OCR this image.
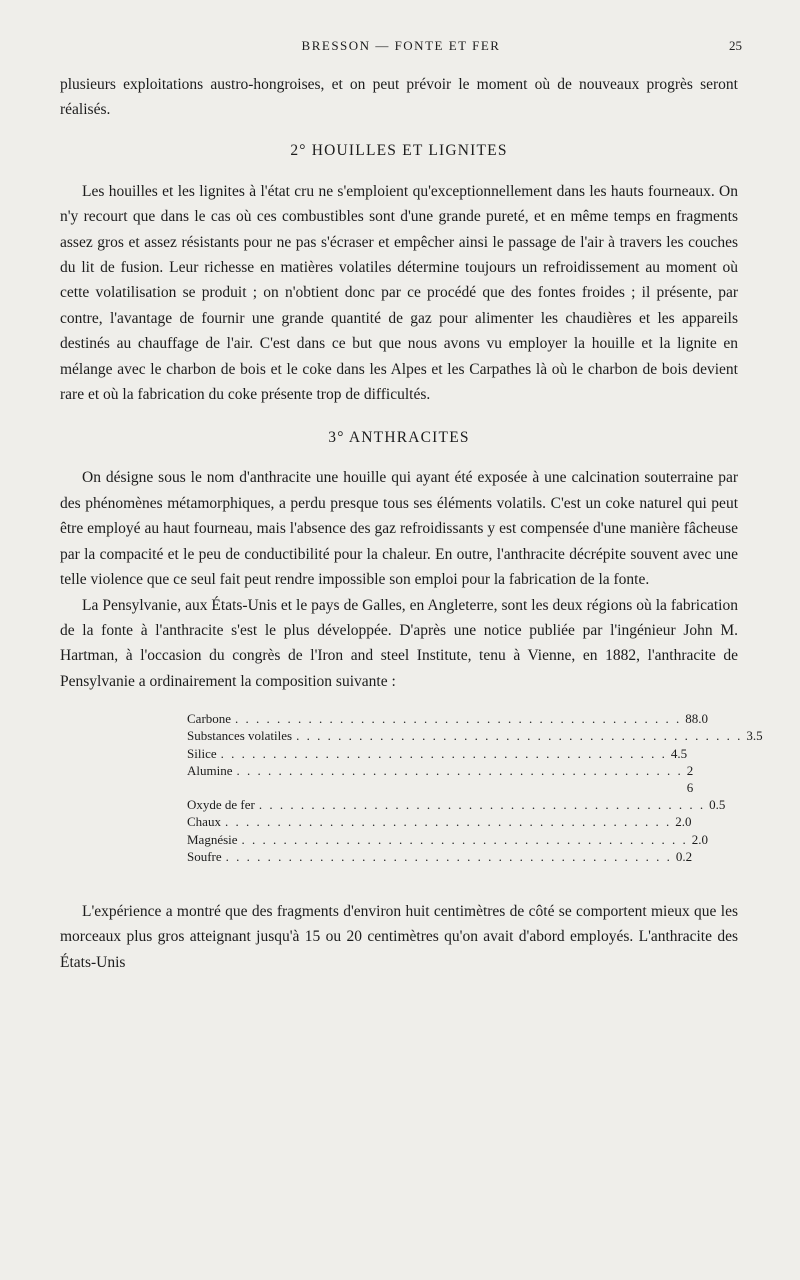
BRESSON — FONTE ET FER	25

plusieurs exploitations austro-hongroises, et on peut prévoir le moment où de nouveaux progrès seront réalisés.

2° HOUILLES ET LIGNITES

Les houilles et les lignites à l'état cru ne s'emploient qu'exceptionnellement dans les hauts fourneaux. On n'y recourt que dans le cas où ces combustibles sont d'une grande pureté, et en même temps en fragments assez gros et assez résistants pour ne pas s'écraser et empêcher ainsi le passage de l'air à travers les couches du lit de fusion. Leur richesse en matières volatiles détermine toujours un refroidissement au moment où cette volatilisation se produit ; on n'obtient donc par ce procédé que des fontes froides ; il présente, par contre, l'avantage de fournir une grande quantité de gaz pour alimenter les chaudières et les appareils destinés au chauffage de l'air. C'est dans ce but que nous avons vu employer la houille et la lignite en mélange avec le charbon de bois et le coke dans les Alpes et les Carpathes là où le charbon de bois devient rare et où la fabrication du coke présente trop de difficultés.

3° ANTHRACITES

On désigne sous le nom d'anthracite une houille qui ayant été exposée à une calcination souterraine par des phénomènes métamorphiques, a perdu presque tous ses éléments volatils. C'est un coke naturel qui peut être employé au haut fourneau, mais l'absence des gaz refroidissants y est compensée d'une manière fâcheuse par la compacité et le peu de conductibilité pour la chaleur. En outre, l'anthracite décrépite souvent avec une telle violence que ce seul fait peut rendre impossible son emploi pour la fabrication de la fonte.

La Pensylvanie, aux États-Unis et le pays de Galles, en Angleterre, sont les deux régions où la fabrication de la fonte à l'anthracite s'est le plus développée. D'après une notice publiée par l'ingénieur John M. Hartman, à l'occasion du congrès de l'Iron and steel Institute, tenu à Vienne, en 1882, l'anthracite de Pensylvanie a ordinairement la composition suivante :

Carbone . . . . . . . . . . . . . . . . . . . . . . . . . . . . . . . . . . . . . . . . . . . 88.0
Substances volatiles . . . . . . . . . . . . . . . . . . . . . . . . . . . . . . . . . . . . . . . . . . . 3.5
Silice . . . . . . . . . . . . . . . . . . . . . . . . . . . . . . . . . . . . . . . . . . . 4.5
Alumine . . . . . . . . . . . . . . . . . . . . . . . . . . . . . . . . . . . . . . . . . . . 2 6
Oxyde de fer . . . . . . . . . . . . . . . . . . . . . . . . . . . . . . . . . . . . . . . . . . . 0.5
Chaux . . . . . . . . . . . . . . . . . . . . . . . . . . . . . . . . . . . . . . . . . . . 2.0
Magnésie . . . . . . . . . . . . . . . . . . . . . . . . . . . . . . . . . . . . . . . . . . . 2.0
Soufre . . . . . . . . . . . . . . . . . . . . . . . . . . . . . . . . . . . . . . . . . . . 0.2

L'expérience a montré que des fragments d'environ huit centimètres de côté se comportent mieux que les morceaux plus gros atteignant jusqu'à 15 ou 20 centimètres qu'on avait d'abord employés. L'anthracite des États-Unis
